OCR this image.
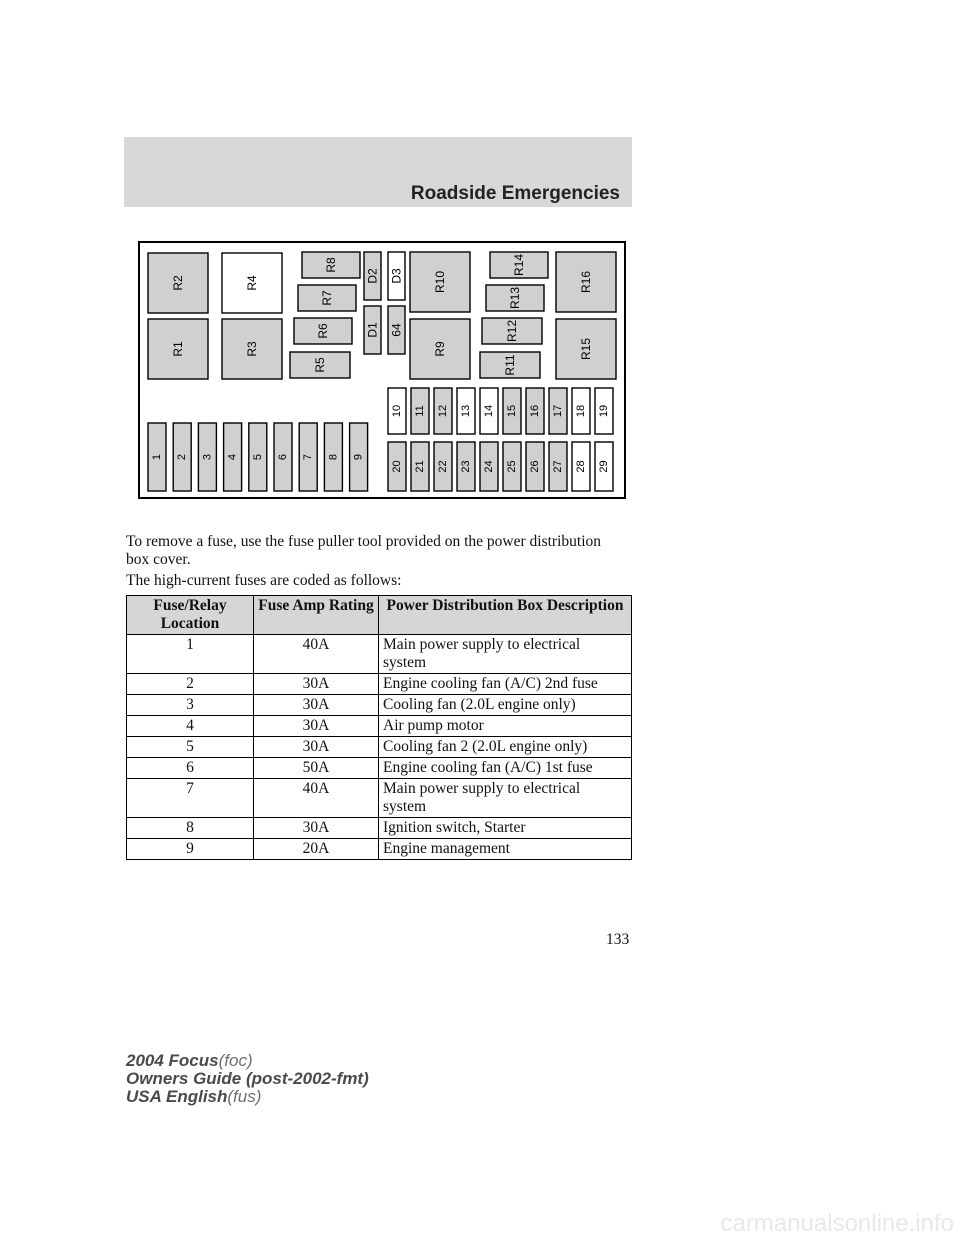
Roadside Emergencies
R2
R1
R4
R3
R8
R7
R6
R5
D2 D3
D1 64
R10
R9
R14
R13
R12
R11
R16
R15
1 2 3 4 5 6 7 8 9
10 11 12 13 14 15 16 17 18 19
20 21 22 23 24 25 26 27 28 29

To remove a fuse, use the fuse puller tool provided on the power distribution box cover.

The high-current fuses are coded as follows:

Fuse/Relay Location	Fuse Amp Rating	Power Distribution Box Description
1	40A	Main power supply to electrical system
2	30A	Engine cooling fan (A/C) 2nd fuse
3	30A	Cooling fan (2.0L engine only)
4	30A	Air pump motor
5	30A	Cooling fan 2 (2.0L engine only)
6	50A	Engine cooling fan (A/C) 1st fuse
7	40A	Main power supply to electrical system
8	30A	Ignition switch, Starter
9	20A	Engine management
133
2004 Focus(foc)
Owners Guide (post-2002-fmt)
USA English(fus)
carmanualsonline.info
